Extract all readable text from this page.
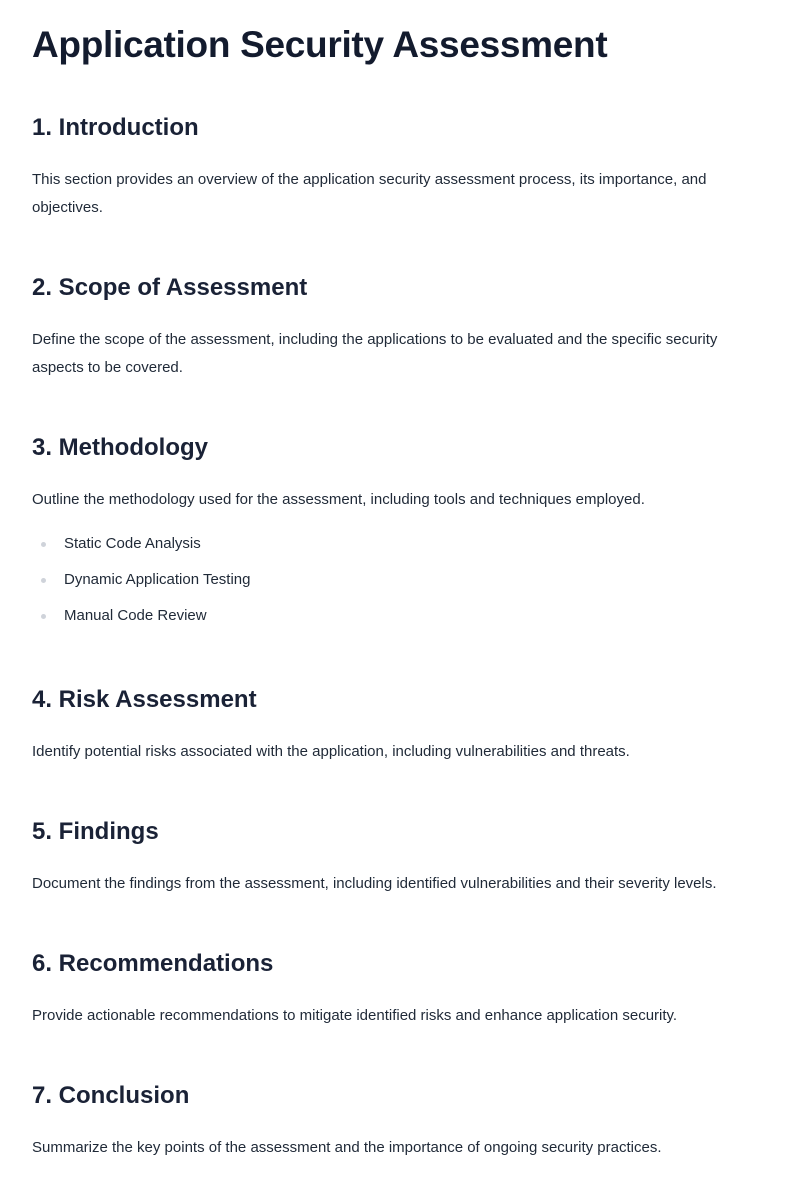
Application Security Assessment
1. Introduction

This section provides an overview of the application security assessment process, its importance, and objectives.

2. Scope of Assessment

Define the scope of the assessment, including the applications to be evaluated and the specific security aspects to be covered.

3. Methodology

Outline the methodology used for the assessment, including tools and techniques employed.

Static Code Analysis
Dynamic Application Testing
Manual Code Review
4. Risk Assessment

Identify potential risks associated with the application, including vulnerabilities and threats.

5. Findings

Document the findings from the assessment, including identified vulnerabilities and their severity levels.

6. Recommendations

Provide actionable recommendations to mitigate identified risks and enhance application security.

7. Conclusion

Summarize the key points of the assessment and the importance of ongoing security practices.
